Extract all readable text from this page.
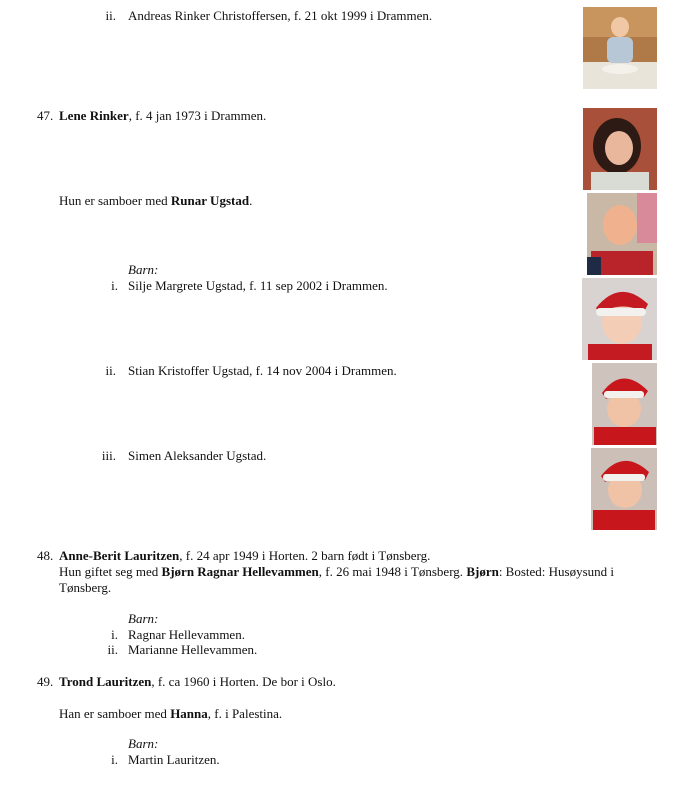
ii. Andreas Rinker Christoffersen, f. 21 okt 1999 i Drammen.
47. Lene Rinker, f. 4 jan 1973 i Drammen.
Hun er samboer med Runar Ugstad.
Barn:
i. Silje Margrete Ugstad, f. 11 sep 2002 i Drammen.
ii. Stian Kristoffer Ugstad, f. 14 nov 2004 i Drammen.
iii. Simen Aleksander Ugstad.
48. Anne-Berit Lauritzen, f. 24 apr 1949 i Horten. 2 barn født i Tønsberg.
Hun giftet seg med Bjørn Ragnar Hellevammen, f. 26 mai 1948 i Tønsberg. Bjørn: Bosted: Husøysund i
Tønsberg.
Barn:
i. Ragnar Hellevammen.
ii. Marianne Hellevammen.
49. Trond Lauritzen, f. ca 1960 i Horten. De bor i Oslo.
Han er samboer med Hanna, f. i Palestina.
Barn:
i. Martin Lauritzen.
